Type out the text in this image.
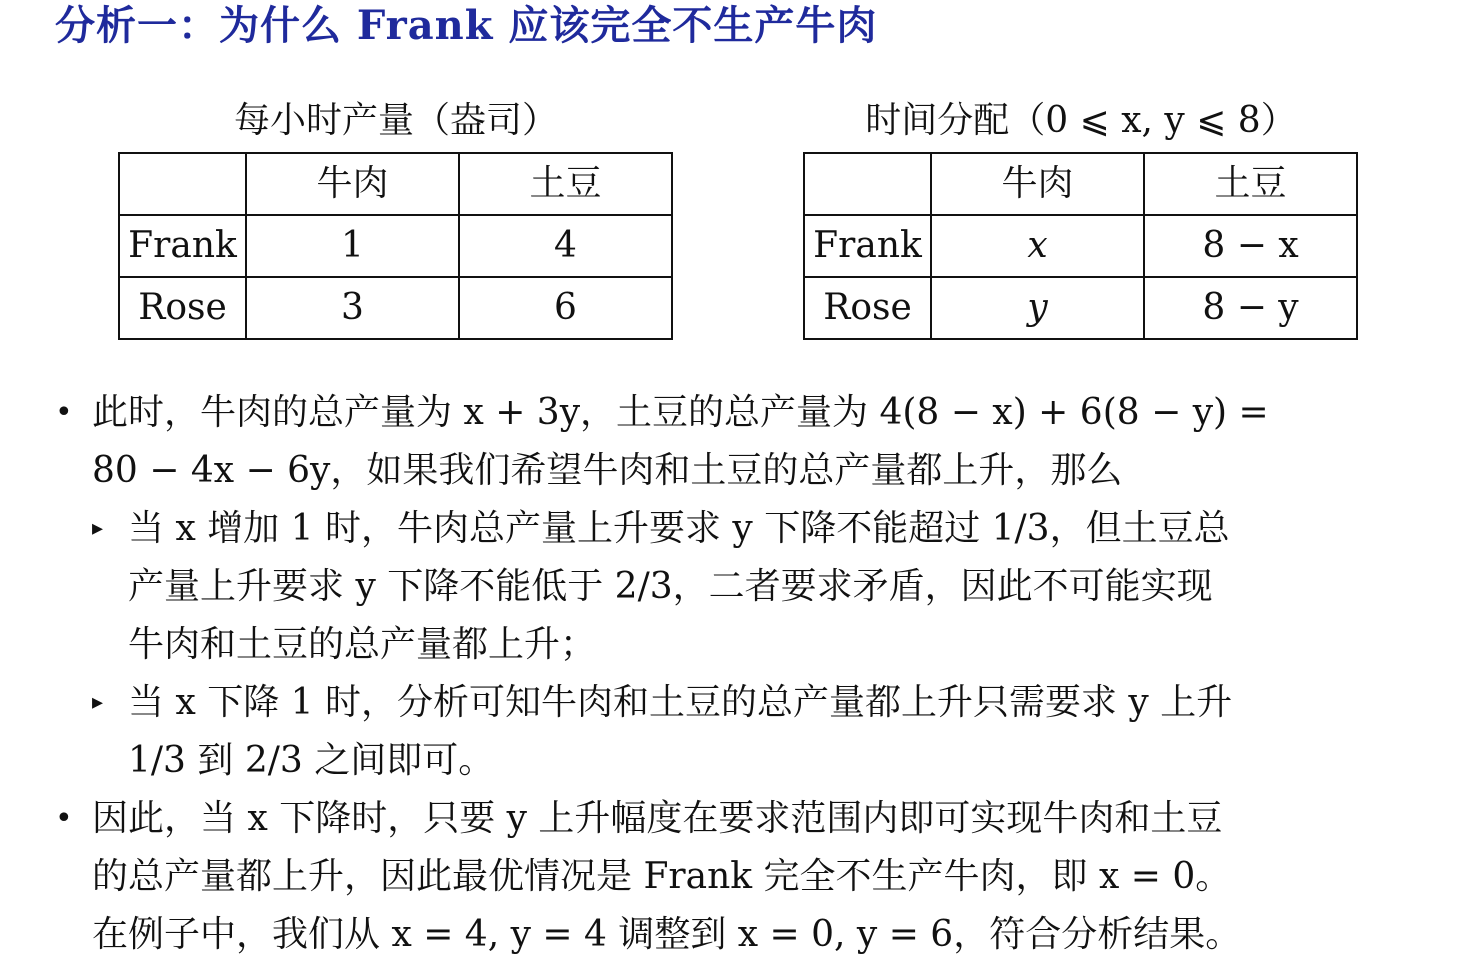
分析一：为什么 Frank 应该完全不生产牛肉
每小时产量（盎司）
	牛肉	土豆
Frank	1	4
Rose	3	6
时间分配（0 ⩽ x, y ⩽ 8）
	牛肉	土豆
Frank	x	8 − x
Rose	y	8 − y
• 此时，牛肉的总产量为 x + 3y，土豆的总产量为 4(8 − x) + 6(8 − y) =
80 − 4x − 6y，如果我们希望牛肉和土豆的总产量都上升，那么
▸ 当 x 增加 1 时，牛肉总产量上升要求 y 下降不能超过 1/3，但土豆总
产量上升要求 y 下降不能低于 2/3，二者要求矛盾，因此不可能实现
牛肉和土豆的总产量都上升；
▸ 当 x 下降 1 时，分析可知牛肉和土豆的总产量都上升只需要求 y 上升
1/3 到 2/3 之间即可。
• 因此，当 x 下降时，只要 y 上升幅度在要求范围内即可实现牛肉和土豆
的总产量都上升，因此最优情况是 Frank 完全不生产牛肉，即 x = 0。
在例子中，我们从 x = 4, y = 4 调整到 x = 0, y = 6，符合分析结果。
